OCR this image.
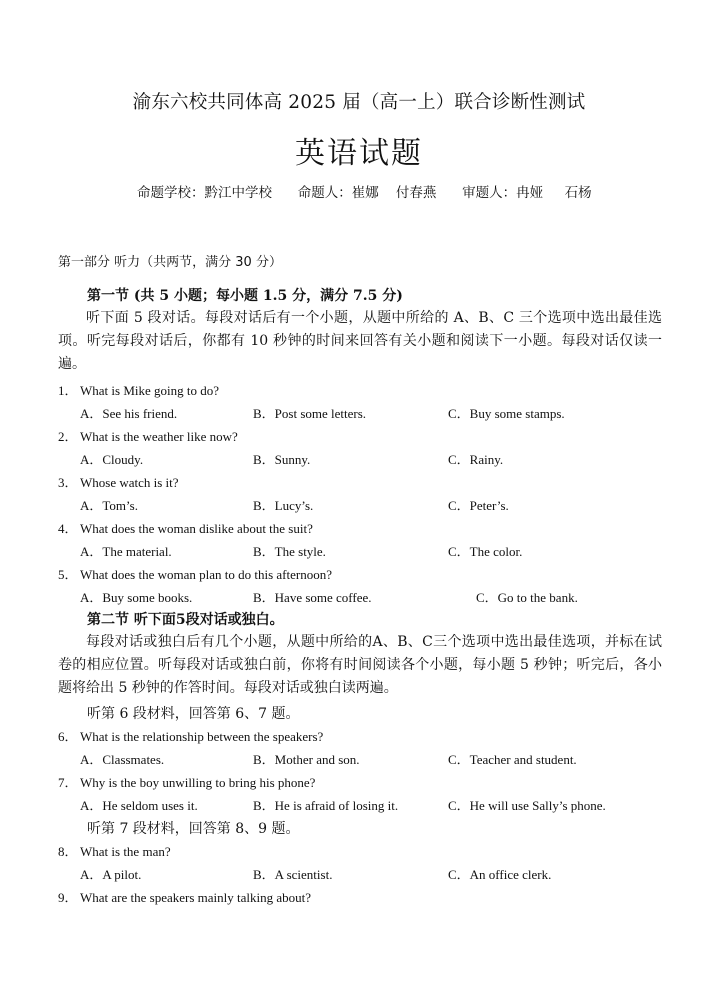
渝东六校共同体高 2025 届（高一上）联合诊断性测试
英语试题
命题学校：黔江中学校      命题人：崔娜    付春燕      审题人：冉娅     石杨
第一部分 听力（共两节，满分 30 分）
第一节 (共 5 小题；每小题 1.5 分，满分 7.5 分)
听下面 5 段对话。每段对话后有一个小题，从题中所给的 A、B、C 三个选项中选出最佳选项。听完每段对话后，你都有 10 秒钟的时间来回答有关小题和阅读下一小题。每段对话仅读一遍。
1． What is Mike going to do?
A．See his friend.	B．Post some letters.	C．Buy some stamps.
2． What is the weather like now?
A．Cloudy.	B．Sunny.	C．Rainy.
3． Whose watch is it?
A．Tom’s.	B．Lucy’s.	C．Peter’s.
4． What does the woman dislike about the suit?
A．The material.	B．The style.	C．The color.
5． What does the woman plan to do this afternoon?
A．Buy some books.	B．Have some coffee.	C．Go to the bank.
第二节 听下面5段对话或独白。
每段对话或独白后有几个小题，从题中所给的A、B、C三个选项中选出最佳选项，并标在试卷的相应位置。听每段对话或独白前，你将有时间阅读各个小题，每小题 5 秒钟；听完后，各小题将给出 5 秒钟的作答时间。每段对话或独白读两遍。
听第 6 段材料，回答第 6、7 题。
6． What is the relationship between the speakers?
A．Classmates.	B．Mother and son.	C．Teacher and student.
7． Why is the boy unwilling to bring his phone?
A．He seldom uses it.	B．He is afraid of losing it.	C．He will use Sally’s phone.
听第 7 段材料，回答第 8、9 题。
8． What is the man?
A．A pilot.	B．A scientist.	C．An office clerk.
9． What are the speakers mainly talking about?
